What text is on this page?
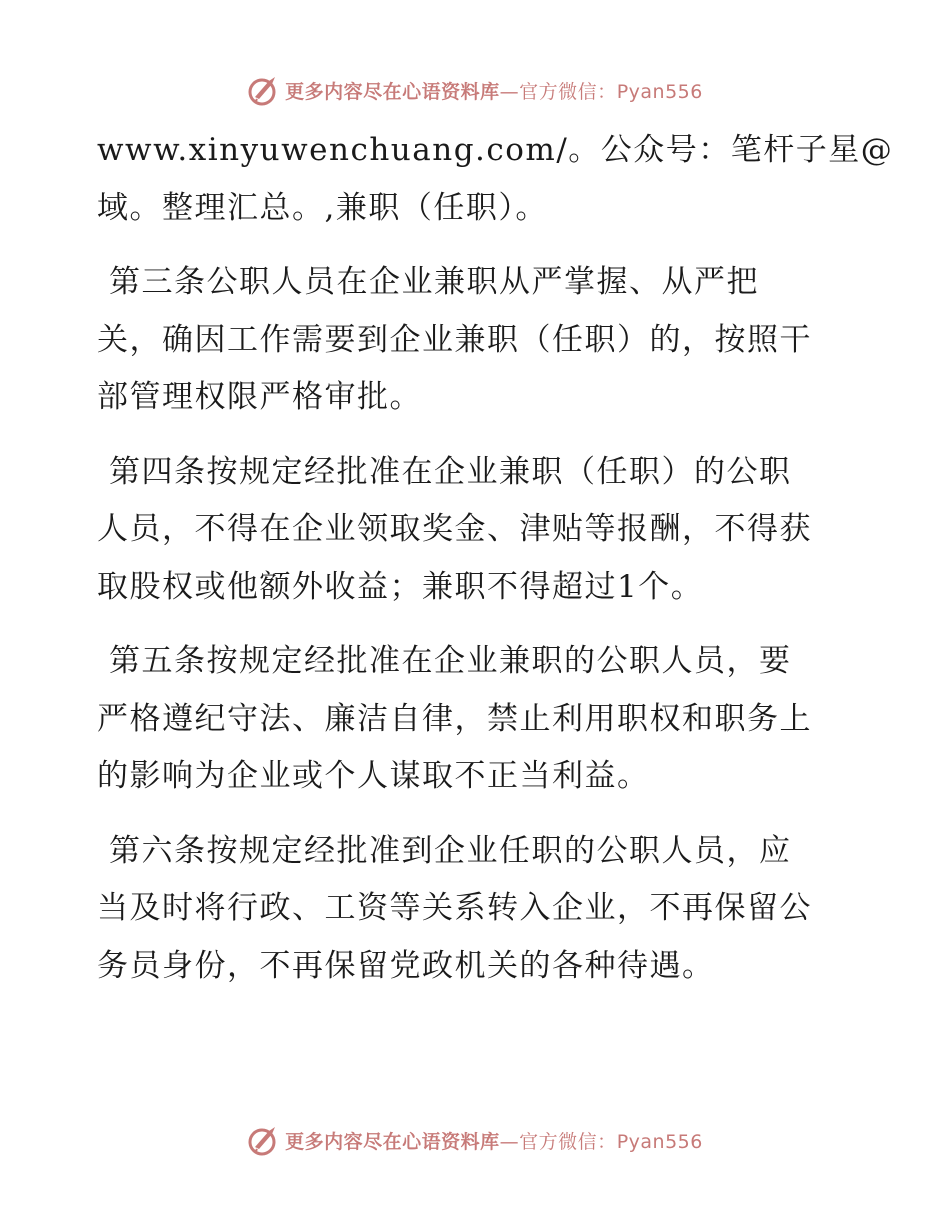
更多内容尽在心语资料库—官方微信：Pyan556

www.xinyuwenchuang.com/。公众号：笔杆子星@
域。整理汇总。,兼职（任职）。

第三条公职人员在企业兼职从严掌握、从严把
关，确因工作需要到企业兼职（任职）的，按照干
部管理权限严格审批。

第四条按规定经批准在企业兼职（任职）的公职
人员，不得在企业领取奖金、津贴等报酬，不得获
取股权或他额外收益；兼职不得超过1个。

第五条按规定经批准在企业兼职的公职人员，要
严格遵纪守法、廉洁自律，禁止利用职权和职务上
的影响为企业或个人谋取不正当利益。

第六条按规定经批准到企业任职的公职人员，应
当及时将行政、工资等关系转入企业，不再保留公
务员身份，不再保留党政机关的各种待遇。

更多内容尽在心语资料库—官方微信：Pyan556
